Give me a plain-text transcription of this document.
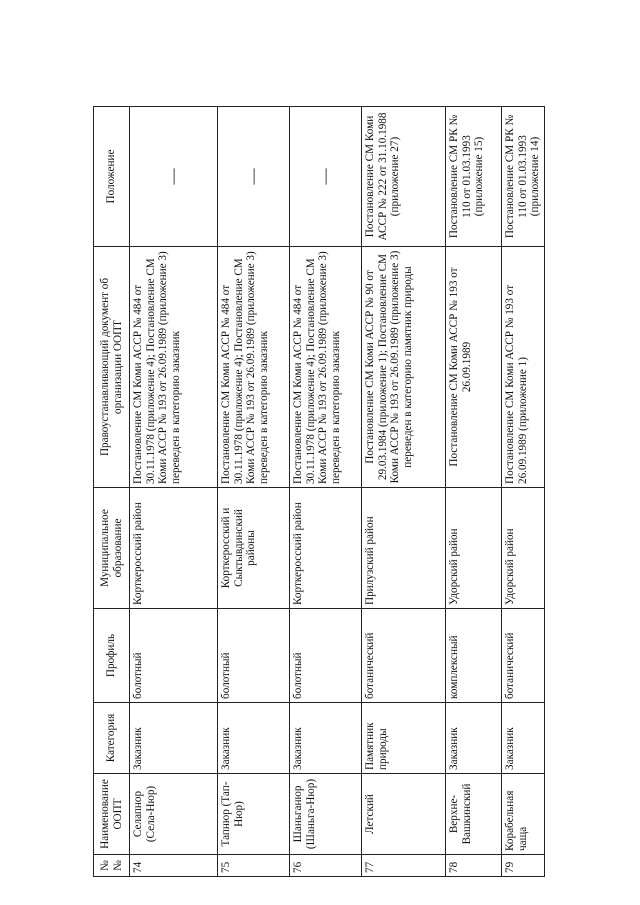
№ №	Наименование ООПТ	Категория	Профиль	Муниципальное образование	Правоустанавливающий документ об организации ООПТ	Положение
74	Селапнор (Села-Нюр)	Заказник	болотный	Корткеросский район	Постановление СМ Коми АССР № 484 от 30.11.1978 (приложение 4); Постановление СМ Коми АССР № 193 от 26.09.1989 (приложение 3) переведен в категорию заказник	—
75	Тапнюр (Тап-Нюр)	Заказник	болотный	Корткеросский и Сыктывдинский районы	Постановление СМ Коми АССР № 484 от 30.11.1978 (приложение 4); Постановление СМ Коми АССР № 193 от 26.09.1989 (приложение 3) переведен в категорию заказник	—
76	Шаньганюр (Шаньга-Нюр)	Заказник	болотный	Корткеросский район	Постановление СМ Коми АССР № 484 от 30.11.1978 (приложение 4); Постановление СМ Коми АССР № 193 от 26.09.1989 (приложение 3) переведен в категорию заказник	—
77	Летский	Памятник природы	ботанический	Прилузский район	Постановление СМ Коми АССР № 90 от 29.03.1984 (приложение 1); Постановление СМ Коми АССР № 193 от 26.09.1989 (приложение 3) переведен в категорию памятник природы	Постановление СМ Коми АССР № 222 от 31.10.1988 (приложение 27)
78	Верхне-Вашкинский	Заказник	комплексный	Удорский район	Постановление СМ Коми АССР № 193 от 26.09.1989	Постановление СМ РК № 110 от 01.03.1993 (приложение 15)
79	Корабельная чаща	Заказник	ботанический	Удорский район	Постановление СМ Коми АССР № 193 от 26.09.1989 (приложение 1)	Постановление СМ РК № 110 от 01.03.1993 (приложение 14)
